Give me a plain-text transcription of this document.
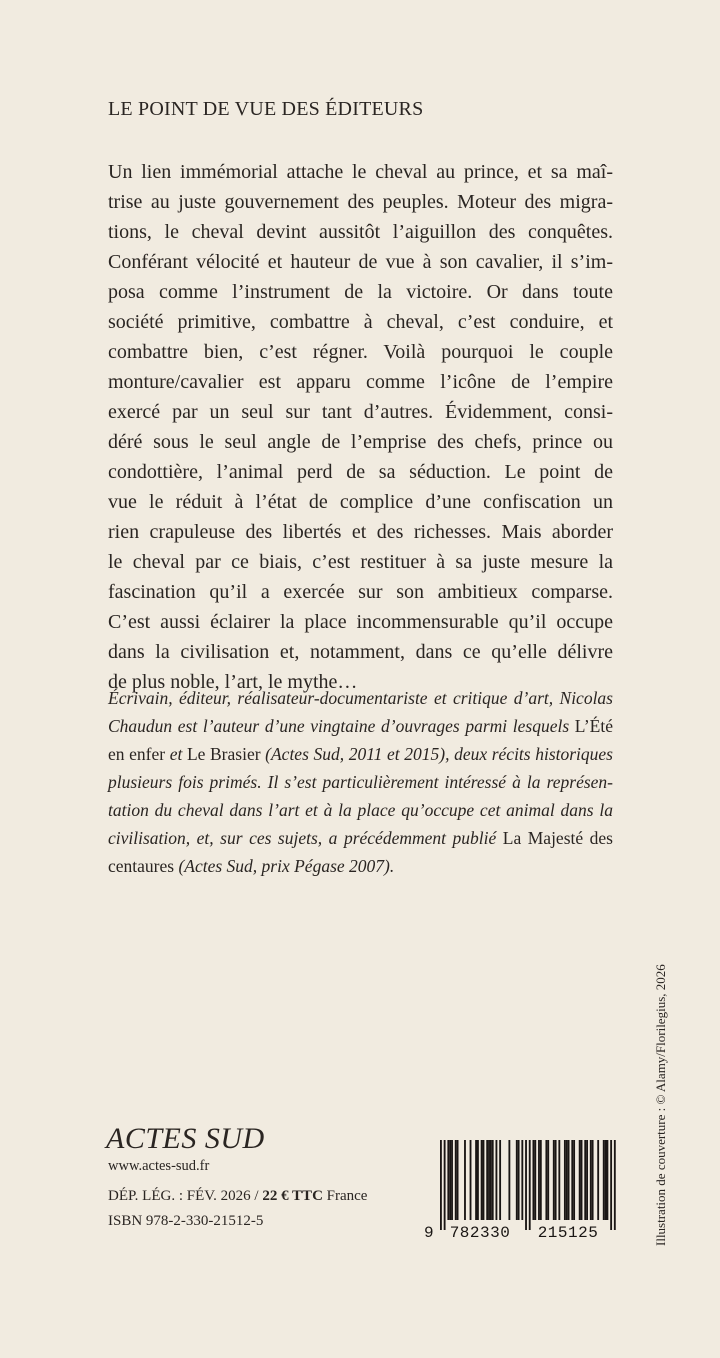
LE POINT DE VUE DES ÉDITEURS
Un lien immémorial attache le cheval au prince, et sa maî-
trise au juste gouvernement des peuples. Moteur des migra-
tions, le cheval devint aussitôt l’aiguillon des conquêtes.
Conférant vélocité et hauteur de vue à son cavalier, il s’im-
posa comme l’instrument de la victoire. Or dans toute
société primitive, combattre à cheval, c’est conduire, et
combattre bien, c’est régner. Voilà pourquoi le couple
monture/cavalier est apparu comme l’icône de l’empire
exercé par un seul sur tant d’autres. Évidemment, consi-
déré sous le seul angle de l’emprise des chefs, prince ou
condottière, l’animal perd de sa séduction. Le point de
vue le réduit à l’état de complice d’une confiscation un
rien crapuleuse des libertés et des richesses. Mais aborder
le cheval par ce biais, c’est restituer à sa juste mesure la
fascination qu’il a exercée sur son ambitieux comparse.
C’est aussi éclairer la place incommensurable qu’il occupe
dans la civilisation et, notamment, dans ce qu’elle délivre
de plus noble, l’art, le mythe…
Écrivain, éditeur, réalisateur-documentariste et critique d’art, Nicolas
Chaudun est l’auteur d’une vingtaine d’ouvrages parmi lesquels L’Été
en enfer et Le Brasier (Actes Sud, 2011 et 2015), deux récits historiques
plusieurs fois primés. Il s’est particulièrement intéressé à la représen-
tation du cheval dans l’art et à la place qu’occupe cet animal dans la
civilisation, et, sur ces sujets, a précédemment publié La Majesté des
centaures (Actes Sud, prix Pégase 2007).
ACTES SUD
www.actes-sud.fr
DÉP. LÉG. : FÉV. 2026 / 22 € TTC France
ISBN 978-2-330-21512-5
9 782330 215125	Illustration de couverture : © Alamy/Florilegius, 2026
